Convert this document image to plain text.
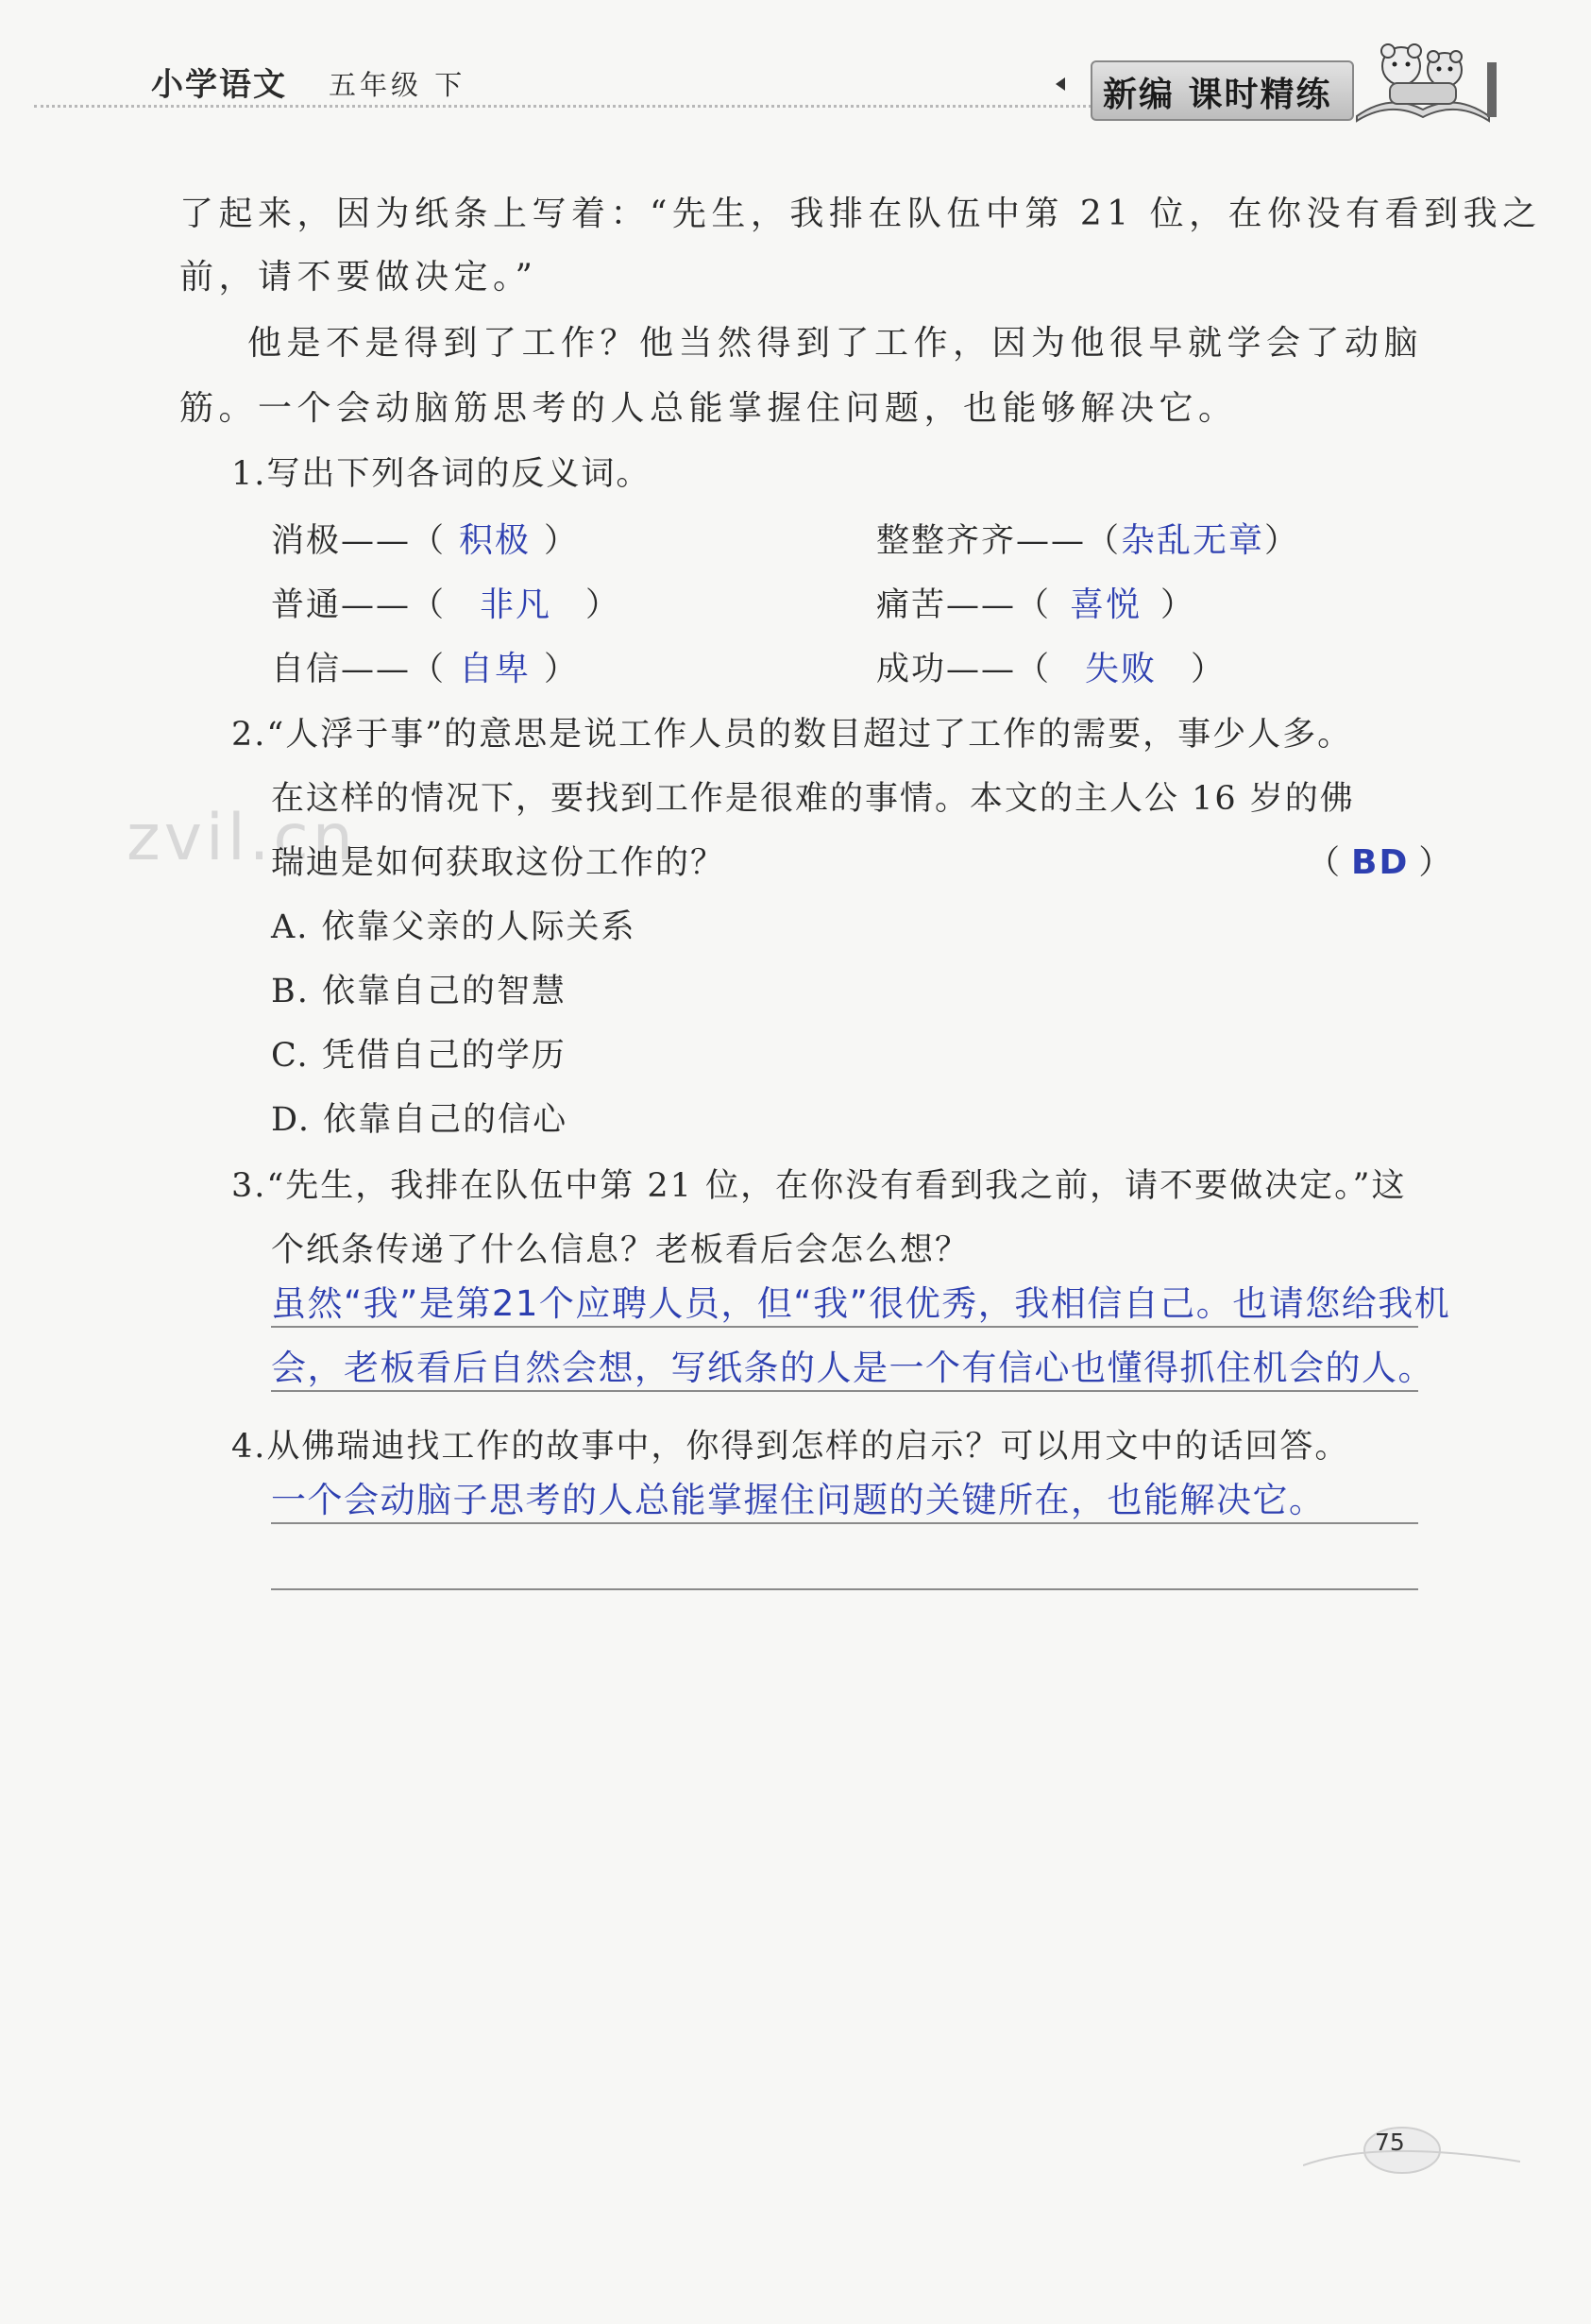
小学语文 五年级 下	新编 课时精练
了起来，因为纸条上写着：“先生，我排在队伍中第 21 位，在你没有看到我之
前，请不要做决定。”
他是不是得到了工作？他当然得到了工作，因为他很早就学会了动脑
筋。一个会动脑筋思考的人总能掌握住问题，也能够解决它。
1.写出下列各词的反义词。
消极——（ 积极 ）	整整齐齐——（杂乱无章）
普通——（ 非凡 ）	痛苦——（ 喜悦 ）
自信——（ 自卑 ）	成功——（ 失败 ）
zvil.cn
2.“人浮于事”的意思是说工作人员的数目超过了工作的需要，事少人多。
在这样的情况下，要找到工作是很难的事情。本文的主人公 16 岁的佛
瑞迪是如何获取这份工作的？	（ BD ）
A. 依靠父亲的人际关系
B. 依靠自己的智慧
C. 凭借自己的学历
D. 依靠自己的信心
3.“先生，我排在队伍中第 21 位，在你没有看到我之前，请不要做决定。”这
个纸条传递了什么信息？老板看后会怎么想？
虽然“我”是第21个应聘人员，但“我”很优秀，我相信自己。也请您给我机
会，老板看后自然会想，写纸条的人是一个有信心也懂得抓住机会的人。
4.从佛瑞迪找工作的故事中，你得到怎样的启示？可以用文中的话回答。
一个会动脑子思考的人总能掌握住问题的关键所在，也能解决它。
75
